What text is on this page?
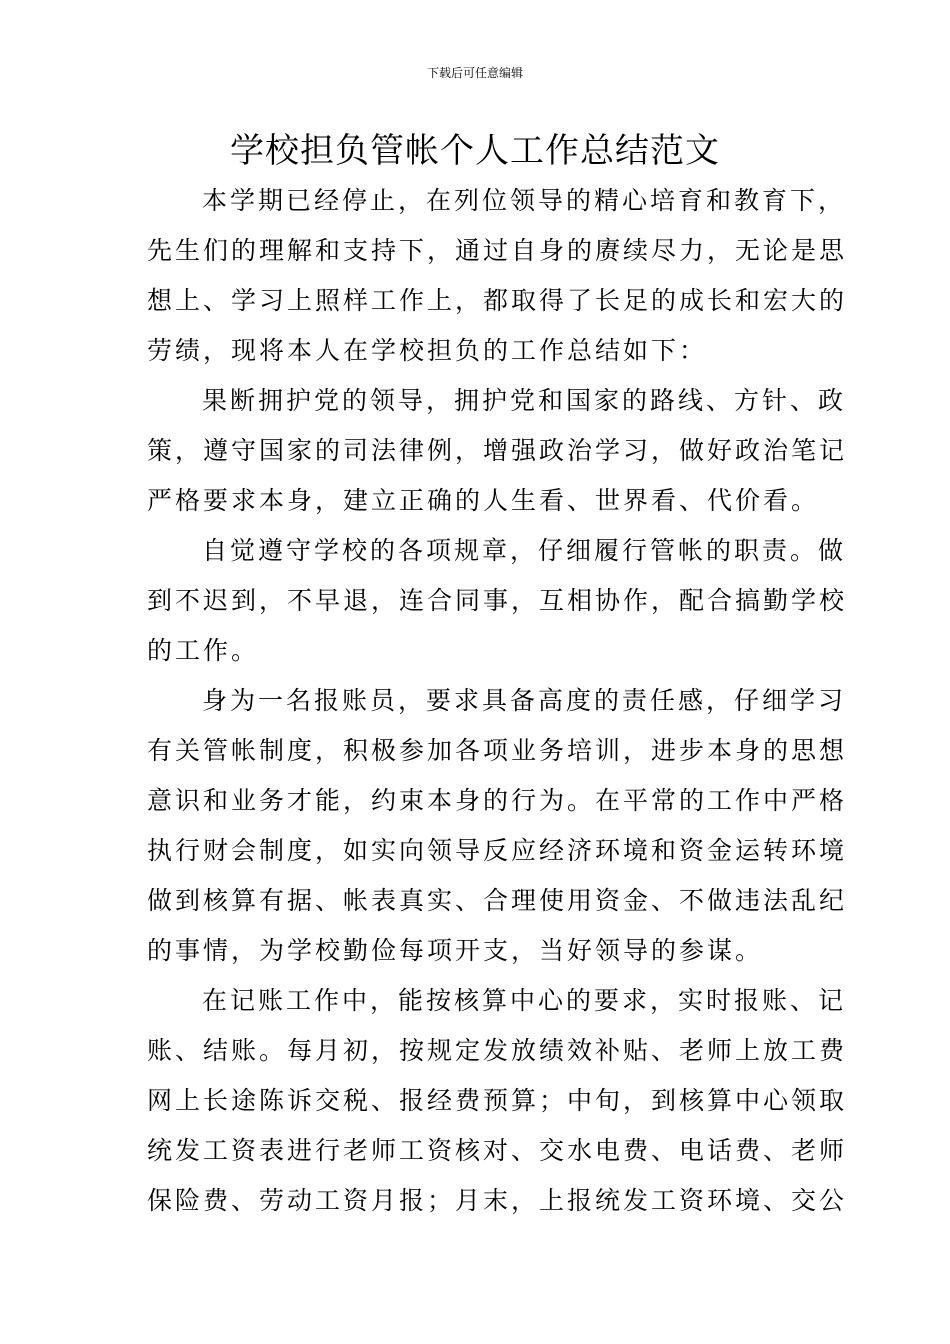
下载后可任意编辑
学校担负管帐个人工作总结范文
本学期已经停止，在列位领导的精心培育和教育下，
先生们的理解和支持下，通过自身的赓续尽力，无论是思
想上、学习上照样工作上，都取得了长足的成长和宏大的
劳绩，现将本人在学校担负的工作总结如下：
果断拥护党的领导，拥护党和国家的路线、方针、政
策，遵守国家的司法律例，增强政治学习，做好政治笔记
严格要求本身，建立正确的人生看、世界看、代价看。
自觉遵守学校的各项规章，仔细履行管帐的职责。做
到不迟到，不早退，连合同事，互相协作，配合搞勤学校
的工作。
身为一名报账员，要求具备高度的责任感，仔细学习
有关管帐制度，积极参加各项业务培训，进步本身的思想
意识和业务才能，约束本身的行为。在平常的工作中严格
执行财会制度，如实向领导反应经济环境和资金运转环境
做到核算有据、帐表真实、合理使用资金、不做违法乱纪
的事情，为学校勤俭每项开支，当好领导的参谋。
在记账工作中，能按核算中心的要求，实时报账、记
账、结账。每月初，按规定发放绩效补贴、老师上放工费
网上长途陈诉交税、报经费预算；中旬，到核算中心领取
统发工资表进行老师工资核对、交水电费、电话费、老师
保险费、劳动工资月报；月末，上报统发工资环境、交公
